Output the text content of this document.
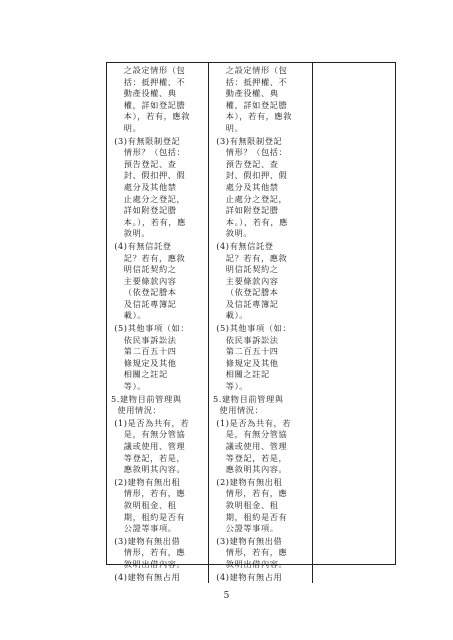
之設定情形（包
括：抵押權、不
動產役權、典
權，詳如登記謄
本），若有，應敘
明。
(3)有無限制登記
情形？（包括：
預告登記、查
封、假扣押、假
處分及其他禁
止處分之登記，
詳如附登記謄
本。），若有，應
敘明。
(4)有無信託登
記？若有，應敘
明信託契約之
主要條款內容
（依登記謄本
及信託專簿記
載）。
(5)其他事項（如：
依民事訴訟法
第二百五十四
條規定及其他
相關之註記
等）。
5.建物目前管理與
使用情況：
(1)是否為共有，若
是，有無分管協
議或使用、管理
等登記，若是，
應敘明其內容。
(2)建物有無出租
情形，若有，應
敘明租金、租
期，租約是否有
公證等事項。
(3)建物有無出借
情形，若有，應
敘明出借內容。
(4)建物有無占用
之設定情形（包
括：抵押權、不
動產役權、典
權，詳如登記謄
本），若有，應敘
明。
(3)有無限制登記
情形？（包括：
預告登記、查
封、假扣押、假
處分及其他禁
止處分之登記，
詳如附登記謄
本。），若有，應
敘明。
(4)有無信託登
記？若有，應敘
明信託契約之
主要條款內容
（依登記謄本
及信託專簿記
載）。
(5)其他事項（如：
依民事訴訟法
第二百五十四
條規定及其他
相關之註記
等）。
5.建物目前管理與
使用情況：
(1)是否為共有，若
是，有無分管協
議或使用、管理
等登記，若是，
應敘明其內容。
(2)建物有無出租
情形，若有，應
敘明租金、租
期，租約是否有
公證等事項。
(3)建物有無出借
情形，若有，應
敘明出借內容。
(4)建物有無占用
5
